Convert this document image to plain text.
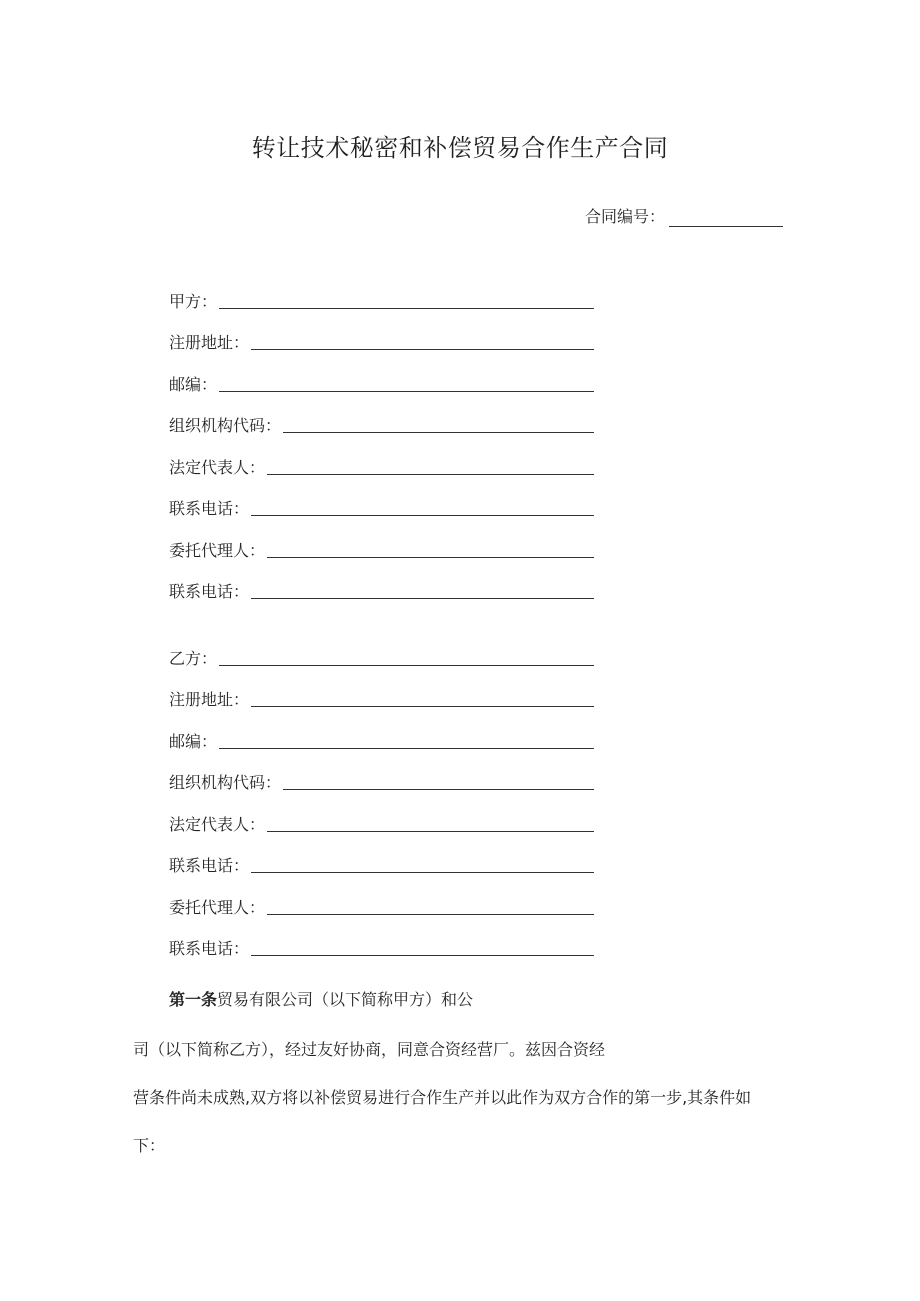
转让技术秘密和补偿贸易合作生产合同
合同编号：
甲方：
注册地址：
邮编：
组织机构代码：
法定代表人：
联系电话：
委托代理人：
联系电话：
乙方：
注册地址：
邮编：
组织机构代码：
法定代表人：
联系电话：
委托代理人：
联系电话：
第一条贸易有限公司（以下简称甲方）和公
司（以下简称乙方），经过友好协商，同意合资经营厂。兹因合资经
营条件尚未成熟,双方将以补偿贸易进行合作生产并以此作为双方合作的第一步,其条件如
下：
